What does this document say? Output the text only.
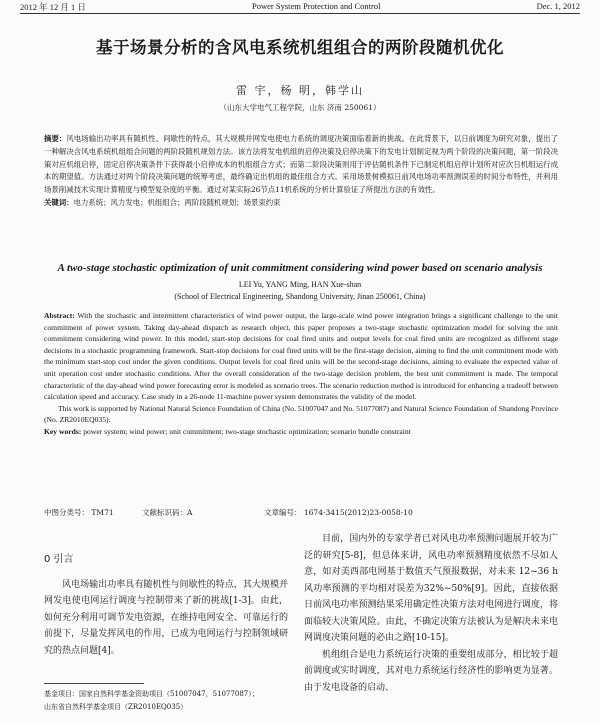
2012 年 12 月 1 日	Power System Protection and Control	Dec. 1, 2012
基于场景分析的含风电系统机组组合的两阶段随机优化
雷 宇，杨 明，韩学山
（山东大学电气工程学院，山东 济南 250061）
摘要：风电场输出功率具有随机性、间歇性的特点，其大规模并网发电使电力系统的调度决策面临着新的挑战。在此背景下，以日前调度为研究对象，提出了一种解决含风电系统机组组合问题的两阶段随机规划方法。该方法将发电机组的启停决策及启停决策下的发电计划制定视为两个阶段的决策问题，第一阶段决策对应机组启停，固定启停决策条件下获得最小启停成本的机组组合方式；而第二阶段决策则用于评估随机条件下已制定机组启停计划所对应次日机组运行成本的期望值。方法通过对两个阶段决策问题的统筹考虑，最终确定出机组的最佳组合方式。采用场景树模拟日前风电场功率预测误差的时间分布特性，并利用场景削减技术实现计算精度与模型复杂度的平衡。通过对某实际26节点11机系统的分析计算验证了所提出方法的有效性。
关键词：电力系统；风力发电；机组组合；两阶段随机规划；场景束约束
A two-stage stochastic optimization of unit commitment considering wind power based on scenario analysis
LEI Yu, YANG Ming, HAN Xue-shan
(School of Electrical Engineering, Shandong University, Jinan 250061, China)

Abstract: With the stochastic and intermittent characteristics of wind power output, the large-scale wind power integration brings a significant challenge to the unit commitment of power system. Taking day-ahead dispatch as research object, this paper proposes a two-stage stochastic optimization model for solving the unit commitment considering wind power. In this model, start-stop decisions for coal fired units and output levels for coal fired units are recognized as different stage decisions in a stochastic programming framework. Start-stop decisions for coal fired units will be the first-stage decision, aiming to find the unit commitment mode with the minimum start-stop cost under the given conditions. Output levels for coal fired units will be the second-stage decisions, aiming to evaluate the expected value of unit operation cost under stochastic conditions. After the overall consideration of the two-stage decision problem, the best unit commitment is made. The temporal characteristic of the day-ahead wind power forecasting error is modeled as scenario trees. The scenario reduction method is introduced for enhancing a tradeoff between calculation speed and accuracy. Case study in a 26-node 11-machine power system demonstrates the validity of the model.

This work is supported by National Natural Science Foundation of China (No. 51007047 and No. 51077087) and Natural Science Foundation of Shandong Province (No. ZR2010EQ035).

Key words: power system; wind power; unit commitment; two-stage stochastic optimization; scenario bundle constraint

中图分类号： TM71	文献标识码：A	文章编号： 1674-3415(2012)23-0058-10
0 引言

风电场输出功率具有随机性与间歇性的特点，其大规模并网发电使电网运行调度与控制带来了新的挑战[1-3]。由此，如何充分利用可调节发电资源，在维持电网安全、可靠运行的前提下，尽量发挥风电的作用，已成为电网运行与控制领域研究的热点问题[4]。

目前，国内外的专家学者已对风电功率预测问题展开较为广泛的研究[5-8]，但总体来讲，风电功率预测精度依然不尽如人意，如对美西部电网基于数值天气预报数据，对未来 12~36 h 风功率预测的平均相对误差为32%~50%[9]。因此，直接依据日前风电功率预测结果采用确定性决策方法对电网进行调度，将面临较大决策风险。由此，不确定决策方法被认为是解决未来电网调度决策问题的必由之路[10-15]。

机组组合是电力系统运行决策的重要组成部分，相比较于超前调度或实时调度，其对电力系统运行经济性的影响更为显著。由于发电设备的启动、

基金项目：国家自然科学基金资助项目（51007047，51077087）；
山东省自然科学基金项目（ZR2010EQ035）
